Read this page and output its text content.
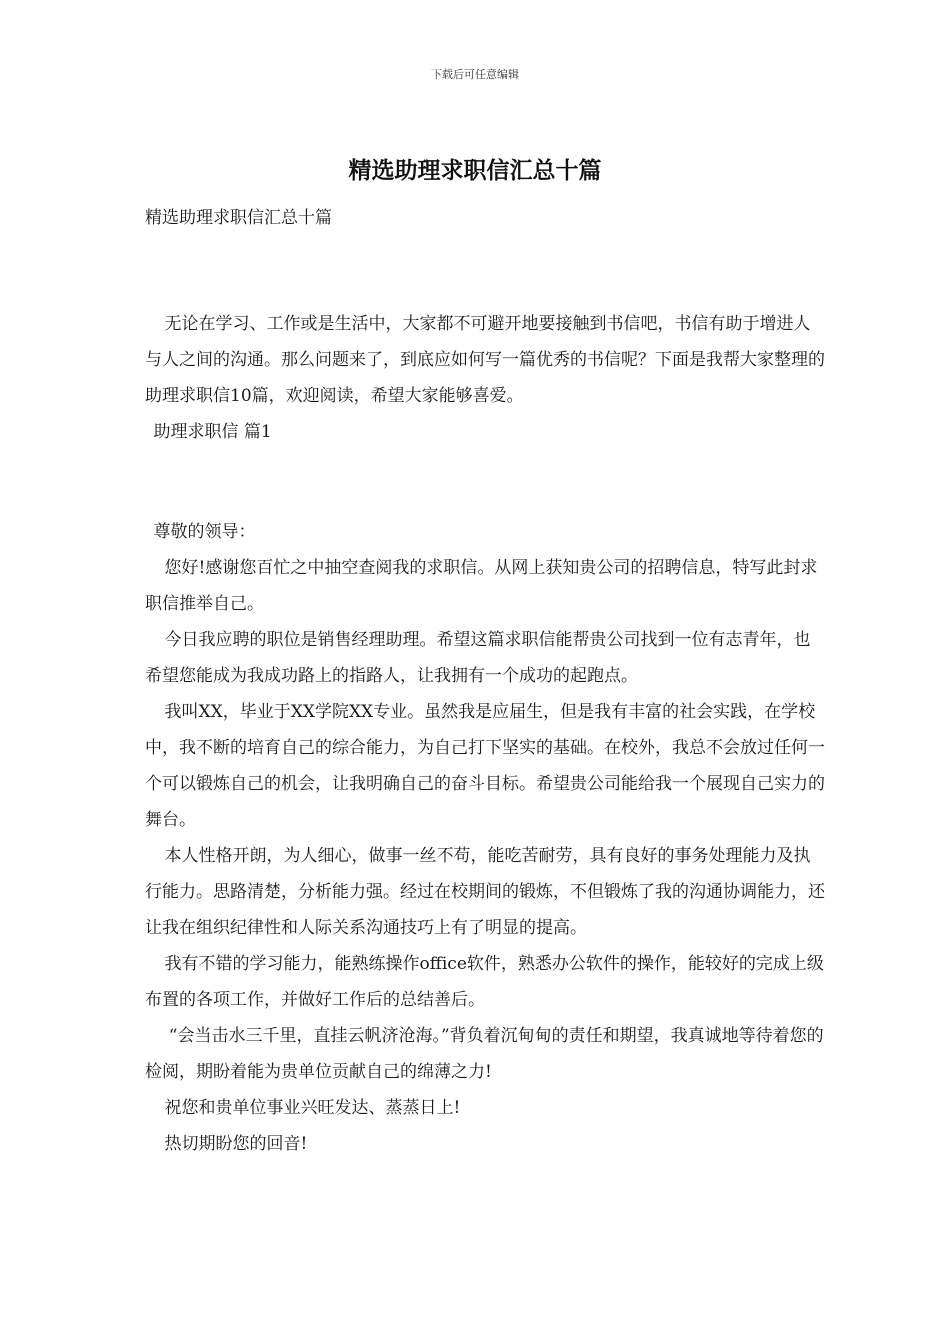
下载后可任意编辑
精选助理求职信汇总十篇

精选助理求职信汇总十篇

无论在学习、工作或是生活中，大家都不可避开地要接触到书信吧，书信有助于增进人与人之间的沟通。那么问题来了，到底应如何写一篇优秀的书信呢？下面是我帮大家整理的助理求职信10篇，欢迎阅读，希望大家能够喜爱。

助理求职信 篇1

尊敬的领导：

您好!感谢您百忙之中抽空查阅我的求职信。从网上获知贵公司的招聘信息，特写此封求职信推举自己。

今日我应聘的职位是销售经理助理。希望这篇求职信能帮贵公司找到一位有志青年，也希望您能成为我成功路上的指路人，让我拥有一个成功的起跑点。

我叫XX，毕业于XX学院XX专业。虽然我是应届生，但是我有丰富的社会实践，在学校中，我不断的培育自己的综合能力，为自己打下坚实的基础。在校外，我总不会放过任何一个可以锻炼自己的机会，让我明确自己的奋斗目标。希望贵公司能给我一个展现自己实力的舞台。

本人性格开朗，为人细心，做事一丝不苟，能吃苦耐劳，具有良好的事务处理能力及执行能力。思路清楚，分析能力强。经过在校期间的锻炼，不但锻炼了我的沟通协调能力，还让我在组织纪律性和人际关系沟通技巧上有了明显的提高。

我有不错的学习能力，能熟练操作office软件，熟悉办公软件的操作，能较好的完成上级布置的各项工作，并做好工作后的总结善后。

“会当击水三千里，直挂云帆济沧海。”背负着沉甸甸的责任和期望，我真诚地等待着您的检阅，期盼着能为贵单位贡献自己的绵薄之力!

祝您和贵单位事业兴旺发达、蒸蒸日上!

热切期盼您的回音!
